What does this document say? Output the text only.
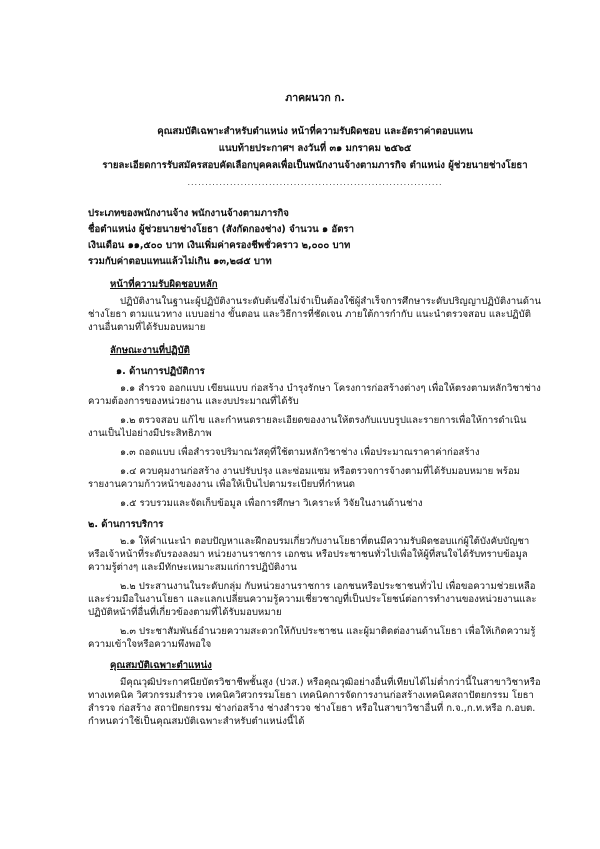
ภาคผนวก ก.
คุณสมบัติเฉพาะสำหรับตำแหน่ง หน้าที่ความรับผิดชอบ และอัตราค่าตอบแทน
แนบท้ายประกาศฯ ลงวันที่ ๓๑ มกราคม ๒๕๖๕
รายละเอียดการรับสมัครสอบคัดเลือกบุคคลเพื่อเป็นพนักงานจ้างตามภารกิจ ตำแหน่ง ผู้ช่วยนายช่างโยธา
........................................................................

ประเภทของพนักงานจ้าง พนักงานจ้างตามภารกิจ

ชื่อตำแหน่ง ผู้ช่วยนายช่างโยธา (สังกัดกองช่าง) จำนวน ๑ อัตรา

เงินเดือน ๑๑,๕๐๐ บาท เงินเพิ่มค่าครองชีพชั่วคราว ๒,๐๐๐ บาท

รวมกับค่าตอบแทนแล้วไม่เกิน ๑๓,๒๘๕ บาท

หน้าที่ความรับผิดชอบหลัก

ปฏิบัติงานในฐานะผู้ปฏิบัติงานระดับต้นซึ่งไม่จำเป็นต้องใช้ผู้สำเร็จการศึกษาระดับปริญญาปฏิบัติงานด้านช่างโยธา ตามแนวทาง แบบอย่าง ขั้นตอน และวิธีการที่ชัดเจน ภายใต้การกำกับ แนะนำตรวจสอบ และปฏิบัติงานอื่นตามที่ได้รับมอบหมาย

ลักษณะงานที่ปฏิบัติ
๑. ด้านการปฏิบัติการ

๑.๑ สำรวจ ออกแบบ เขียนแบบ ก่อสร้าง บำรุงรักษา โครงการก่อสร้างต่างๆ เพื่อให้ตรงตามหลักวิชาช่าง ความต้องการของหน่วยงาน และงบประมาณที่ได้รับ

๑.๒ ตรวจสอบ แก้ไข และกำหนดรายละเอียดของงานให้ตรงกับแบบรูปและรายการเพื่อให้การดำเนินงานเป็นไปอย่างมีประสิทธิภาพ

๑.๓ ถอดแบบ เพื่อสำรวจปริมาณวัสดุที่ใช้ตามหลักวิชาช่าง เพื่อประมาณราคาค่าก่อสร้าง

๑.๔ ควบคุมงานก่อสร้าง งานปรับปรุง และซ่อมแซม หรือตรวจการจ้างตามที่ได้รับมอบหมาย พร้อมรายงานความก้าวหน้าของงาน เพื่อให้เป็นไปตามระเบียบที่กำหนด

๑.๕ รวบรวมและจัดเก็บข้อมูล เพื่อการศึกษา วิเคราะห์ วิจัยในงานด้านช่าง

๒. ด้านการบริการ

๒.๑ ให้คำแนะนำ ตอบปัญหาและฝึกอบรมเกี่ยวกับงานโยธาที่ตนมีความรับผิดชอบแก่ผู้ใต้บังคับบัญชา หรือเจ้าหน้าที่ระดับรองลงมา หน่วยงานราชการ เอกชน หรือประชาชนทั่วไปเพื่อให้ผู้ที่สนใจได้รับทราบข้อมูล ความรู้ต่างๆ และมีทักษะเหมาะสมแก่การปฏิบัติงาน

๒.๒ ประสานงานในระดับกลุ่ม กับหน่วยงานราชการ เอกชนหรือประชาชนทั่วไป เพื่อขอความช่วยเหลือและร่วมมือในงานโยธา และแลกเปลี่ยนความรู้ความเชี่ยวชาญที่เป็นประโยชน์ต่อการทำงานของหน่วยงานและปฏิบัติหน้าที่อื่นที่เกี่ยวข้องตามที่ได้รับมอบหมาย

๒.๓ ประชาสัมพันธ์อำนวยความสะดวกให้กับประชาชน และผู้มาติดต่องานด้านโยธา เพื่อให้เกิดความรู้ ความเข้าใจหรือความพึงพอใจ

คุณสมบัติเฉพาะตำแหน่ง

มีคุณวุฒิประกาศนียบัตรวิชาชีพชั้นสูง (ปวส.) หรือคุณวุฒิอย่างอื่นที่เทียบได้ไม่ต่ำกว่านี้ในสาขาวิชาหรือทางเทคนิค วิศวกรรมสำรวจ เทคนิควิศวกรรมโยธา เทคนิคการจัดการงานก่อสร้างเทคนิคสถาปัตยกรรม โยธา สำรวจ ก่อสร้าง สถาปัตยกรรม ช่างก่อสร้าง ช่างสำรวจ ช่างโยธา หรือในสาขาวิชาอื่นที่ ก.จ.,ก.ท.หรือ ก.อบต. กำหนดว่าใช้เป็นคุณสมบัติเฉพาะสำหรับตำแหน่งนี้ได้
